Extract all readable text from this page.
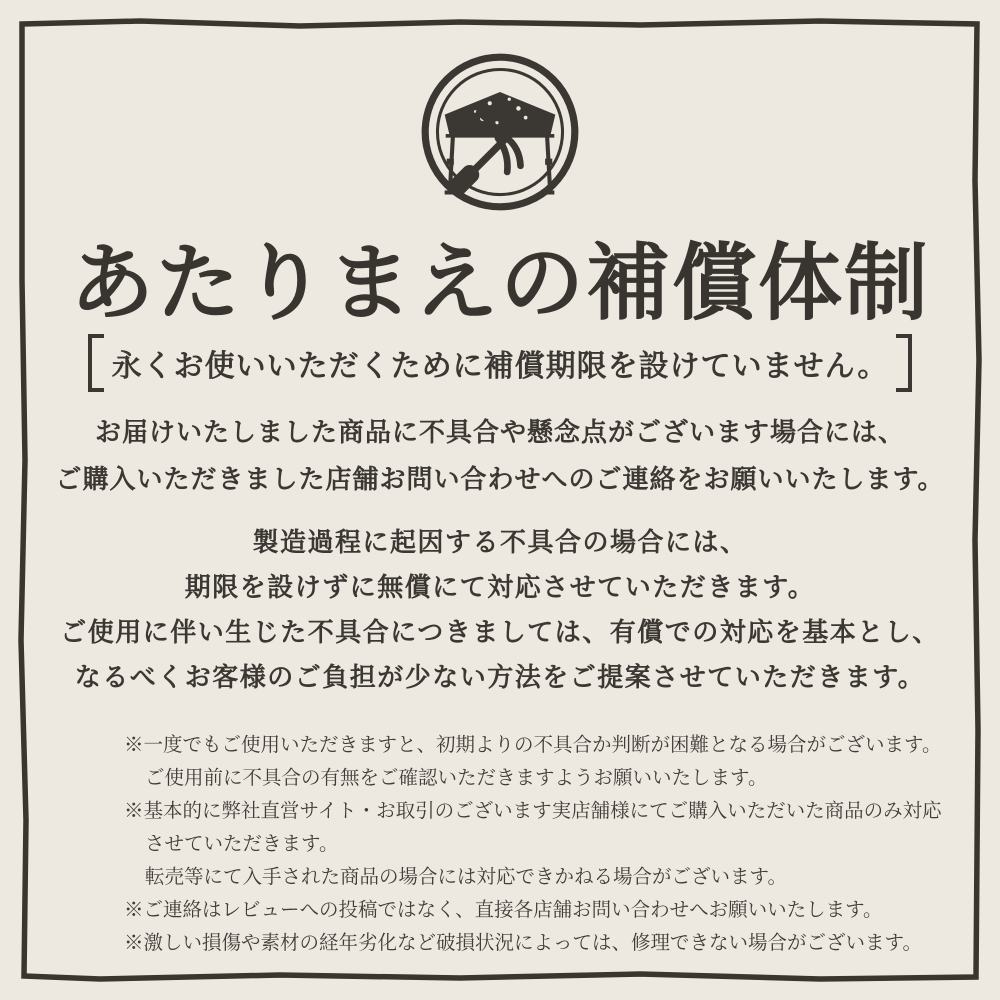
あたりまえの補償体制
永くお使いいただくために補償期限を設けていません。
お届けいたしました商品に不具合や懸念点がございます場合には、
ご購入いただきました店舗お問い合わせへのご連絡をお願いいたします。
製造過程に起因する不具合の場合には、
期限を設けずに無償にて対応させていただきます。
ご使用に伴い生じた不具合につきましては、有償での対応を基本とし、
なるべくお客様のご負担が少ない方法をご提案させていただきます。
※一度でもご使用いただきますと、初期よりの不具合か判断が困難となる場合がございます。
ご使用前に不具合の有無をご確認いただきますようお願いいたします。
※基本的に弊社直営サイト・お取引のございます実店舗様にてご購入いただいた商品のみ対応
させていただきます。
転売等にて入手された商品の場合には対応できかねる場合がございます。
※ご連絡はレビューへの投稿ではなく、直接各店舗お問い合わせへお願いいたします。
※激しい損傷や素材の経年劣化など破損状況によっては、修理できない場合がございます。
